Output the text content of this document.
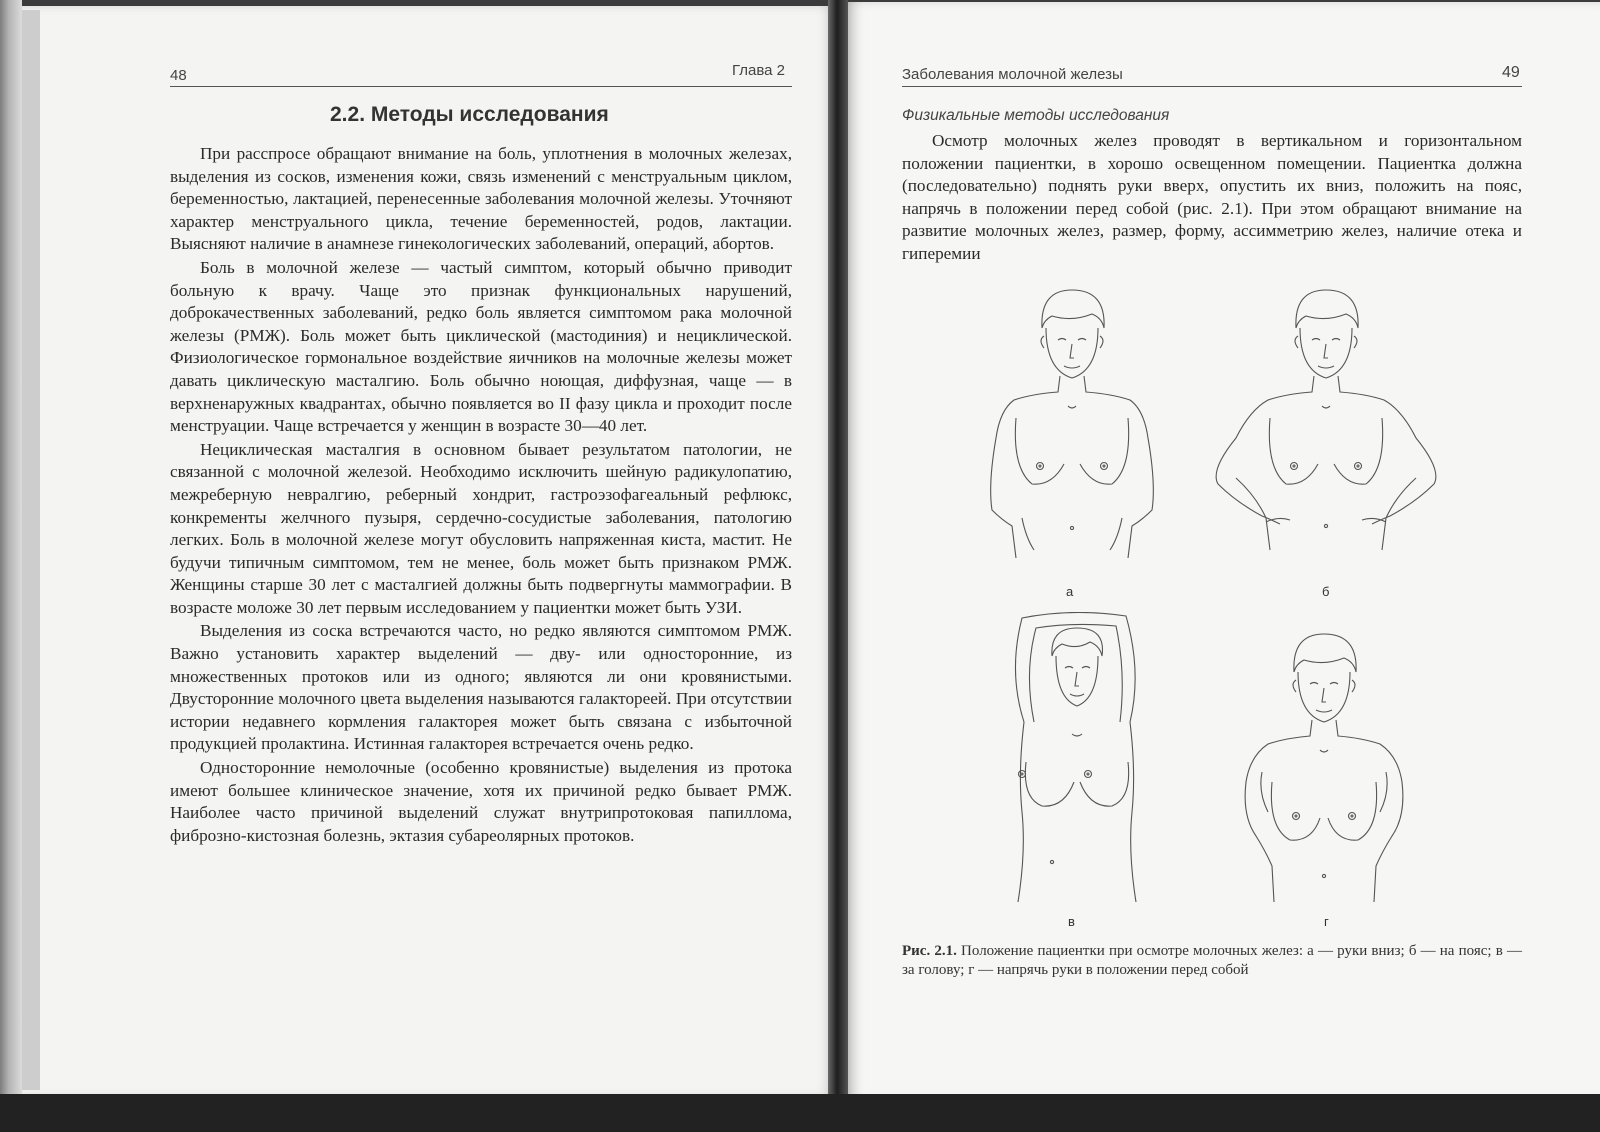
48	Глава 2
2.2. Методы исследования

При расспросе обращают внимание на боль, уплотнения в молочных железах, выделения из сосков, изменения кожи, связь изменений с менструальным циклом, беременностью, лактацией, перенесенные заболевания молочной железы. Уточняют характер менструального цикла, течение беременностей, родов, лактации. Выясняют наличие в анамнезе гинекологических заболеваний, операций, абортов.

Боль в молочной железе — частый симптом, который обычно приводит больную к врачу. Чаще это признак функциональных нарушений, доброкачественных заболеваний, редко боль является симптомом рака молочной железы (РМЖ). Боль может быть циклической (мастодиния) и нециклической. Физиологическое гормональное воздействие яичников на молочные железы может давать циклическую масталгию. Боль обычно ноющая, диффузная, чаще — в верхненаружных квадрантах, обычно появляется во II фазу цикла и проходит после менструации. Чаще встречается у женщин в возрасте 30—40 лет.

Нециклическая масталгия в основном бывает результатом патологии, не связанной с молочной железой. Необходимо исключить шейную радикулопатию, межреберную невралгию, реберный хондрит, гастроэзофагеальный рефлюкс, конкременты желчного пузыря, сердечно-сосудистые заболевания, патологию легких. Боль в молочной железе могут обусловить напряженная киста, мастит. Не будучи типичным симптомом, тем не менее, боль может быть признаком РМЖ. Женщины старше 30 лет с масталгией должны быть подвергнуты маммографии. В возрасте моложе 30 лет первым исследованием у пациентки может быть УЗИ.

Выделения из соска встречаются часто, но редко являются симптомом РМЖ. Важно установить характер выделений — дву- или односторонние, из множественных протоков или из одного; являются ли они кровянистыми. Двусторонние молочного цвета выделения называются галактореей. При отсутствии истории недавнего кормления галакторея может быть связана с избыточной продукцией пролактина. Истинная галакторея встречается очень редко.

Односторонние немолочные (особенно кровянистые) выделения из протока имеют большее клиническое значение, хотя их причиной редко бывает РМЖ. Наиболее часто причиной выделений служат внутрипротоковая папиллома, фиброзно-кистозная болезнь, эктазия субареолярных протоков.

Заболевания молочной железы	49
Физикальные методы исследования

Осмотр молочных желез проводят в вертикальном и горизонтальном положении пациентки, в хорошо освещенном помещении. Пациентка должна (последовательно) поднять руки вверх, опустить их вниз, положить на пояс, напрячь в положении перед собой (рис. 2.1). При этом обращают внимание на развитие молочных желез, размер, форму, ассимметрию желез, наличие отека и гиперемии

а	б
в	г
Рис. 2.1. Положение пациентки при осмотре молочных желез: а — руки вниз; б — на пояс; в — за голову; г — напрячь руки в положении перед собой
